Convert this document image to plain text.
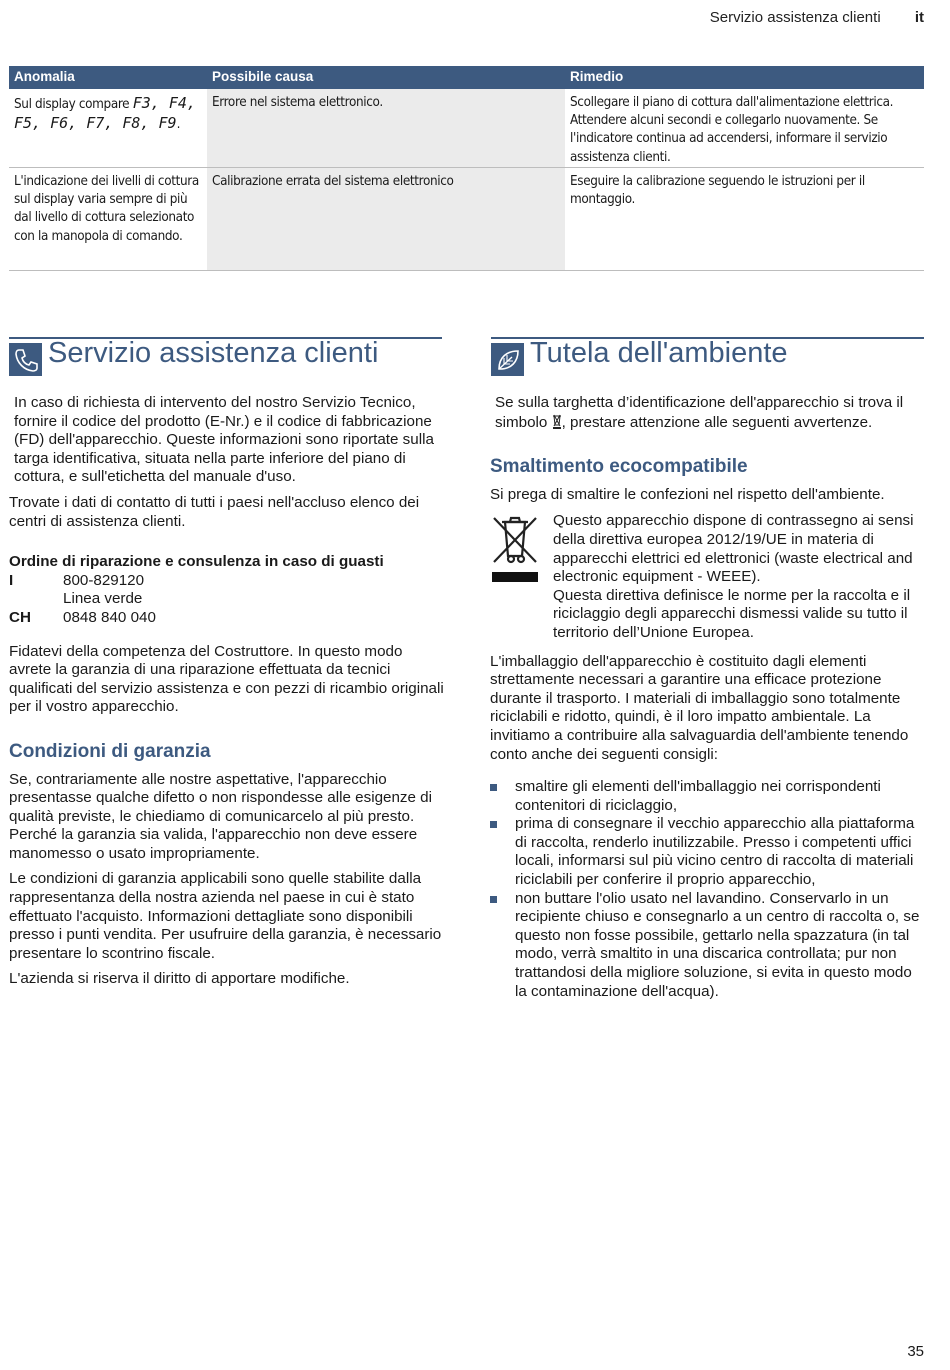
Servizio assistenza clienti it
Anomalia	Possibile causa	Rimedio
Sul display compare F3, F4, F5, F6, F7, F8, F9.	Errore nel sistema elettronico.	Scollegare il piano di cottura dall'alimentazione elettrica. Attendere alcuni secondi e collegarlo nuovamente. Se l'indicatore continua ad accendersi, informare il servizio assistenza clienti.
L'indicazione dei livelli di cottura sul display varia sempre di più dal livello di cottura selezionato con la manopola di comando.	Calibrazione errata del sistema elettronico	Eseguire la calibrazione seguendo le istruzioni per il montaggio.
Servizio assistenza clienti	Tutela dell'ambiente

In caso di richiesta di intervento del nostro Servizio Tecnico, fornire il codice del prodotto (E-Nr.) e il codice di fabbricazione (FD) dell'apparecchio. Queste informazioni sono riportate sulla targa identificativa, situata nella parte inferiore del piano di cottura, e sull'etichetta del manuale d'uso.

Trovate i dati di contatto di tutti i paesi nell'accluso elenco dei centri di assistenza clienti.

Ordine di riparazione e consulenza in caso di guasti
I	800-829120
Linea verde
CH	0848 840 040

Fidatevi della competenza del Costruttore. In questo modo avrete la garanzia di una riparazione effettuata da tecnici qualificati del servizio assistenza e con pezzi di ricambio originali per il vostro apparecchio.

Condizioni di garanzia

Se, contrariamente alle nostre aspettative, l'apparecchio presentasse qualche difetto o non rispondesse alle esigenze di qualità previste, le chiediamo di comunicarcelo al più presto. Perché la garanzia sia valida, l'apparecchio non deve essere manomesso o usato impropriamente.

Le condizioni di garanzia applicabili sono quelle stabilite dalla rappresentanza della nostra azienda nel paese in cui è stato effettuato l'acquisto. Informazioni dettagliate sono disponibili presso i punti vendita. Per usufruire della garanzia, è necessario presentare lo scontrino fiscale.

L'azienda si riserva il diritto di apportare modifiche.

Se sulla targhetta d’identificazione dell'apparecchio si trova il simbolo , prestare attenzione alle seguenti avvertenze.

Smaltimento ecocompatibile

Si prega di smaltire le confezioni nel rispetto dell'ambiente.

Questo apparecchio dispone di contrassegno ai sensi della direttiva europea 2012/19/UE in materia di apparecchi elettrici ed elettronici (waste electrical and electronic equipment - WEEE).
Questa direttiva definisce le norme per la raccolta e il riciclaggio degli apparecchi dismessi valide su tutto il territorio dell’Unione Europea.

L'imballaggio dell'apparecchio è costituito dagli elementi strettamente necessari a garantire una efficace protezione durante il trasporto. I materiali di imballaggio sono totalmente riciclabili e ridotto, quindi, è il loro impatto ambientale. La invitiamo a contribuire alla salvaguardia dell'ambiente tenendo conto anche dei seguenti consigli:

smaltire gli elementi dell'imballaggio nei corrispondenti contenitori di riciclaggio,
prima di consegnare il vecchio apparecchio alla piattaforma di raccolta, renderlo inutilizzabile. Presso i competenti uffici locali, informarsi sul più vicino centro di raccolta di materiali riciclabili per conferire il proprio apparecchio,
non buttare l'olio usato nel lavandino. Conservarlo in un recipiente chiuso e consegnarlo a un centro di raccolta o, se questo non fosse possibile, gettarlo nella spazzatura (in tal modo, verrà smaltito in una discarica controllata; pur non trattandosi della migliore soluzione, si evita in questo modo la contaminazione dell'acqua).
35
